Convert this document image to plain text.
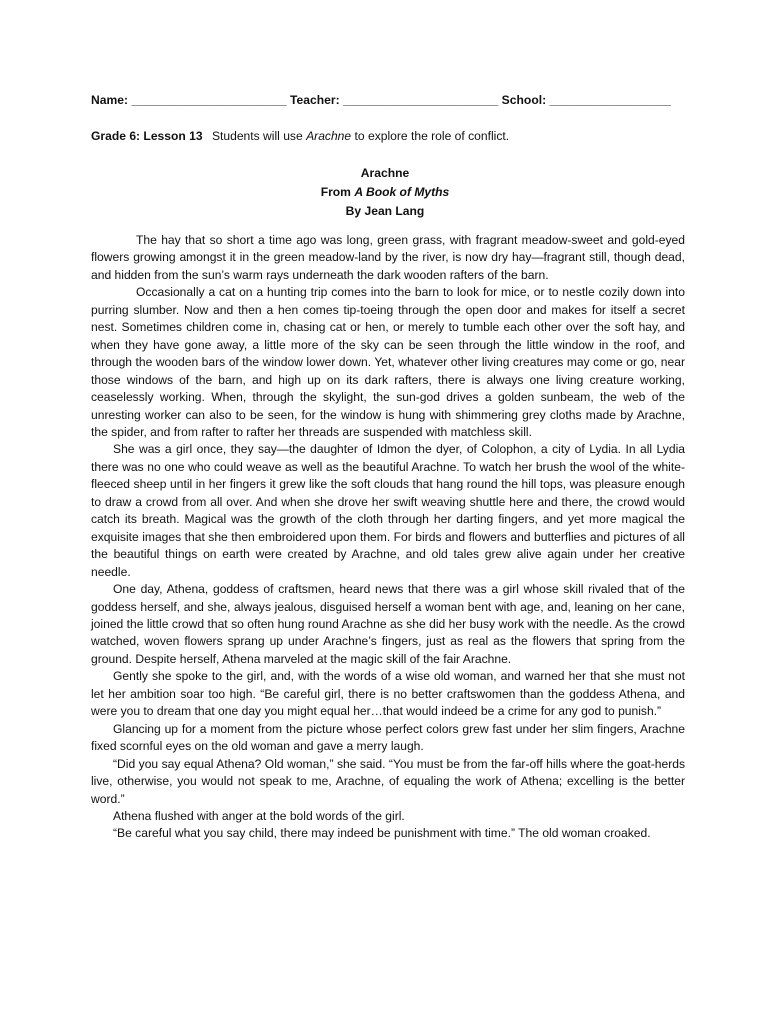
Name: _______________________ Teacher: _______________________ School: __________________
Grade 6: Lesson 13 Students will use Arachne to explore the role of conflict.
Arachne
From A Book of Myths
By Jean Lang

The hay that so short a time ago was long, green grass, with fragrant meadow-sweet and gold-eyed flowers growing amongst it in the green meadow-land by the river, is now dry hay—fragrant still, though dead, and hidden from the sun’s warm rays underneath the dark wooden rafters of the barn.

Occasionally a cat on a hunting trip comes into the barn to look for mice, or to nestle cozily down into purring slumber. Now and then a hen comes tip-toeing through the open door and makes for itself a secret nest. Sometimes children come in, chasing cat or hen, or merely to tumble each other over the soft hay, and when they have gone away, a little more of the sky can be seen through the little window in the roof, and through the wooden bars of the window lower down. Yet, whatever other living creatures may come or go, near those windows of the barn, and high up on its dark rafters, there is always one living creature working, ceaselessly working. When, through the skylight, the sun-god drives a golden sunbeam, the web of the unresting worker can also to be seen, for the window is hung with shimmering grey cloths made by Arachne, the spider, and from rafter to rafter her threads are suspended with matchless skill.

She was a girl once, they say—the daughter of Idmon the dyer, of Colophon, a city of Lydia. In all Lydia there was no one who could weave as well as the beautiful Arachne. To watch her brush the wool of the white-fleeced sheep until in her fingers it grew like the soft clouds that hang round the hill tops, was pleasure enough to draw a crowd from all over. And when she drove her swift weaving shuttle here and there, the crowd would catch its breath. Magical was the growth of the cloth through her darting fingers, and yet more magical the exquisite images that she then embroidered upon them. For birds and flowers and butterflies and pictures of all the beautiful things on earth were created by Arachne, and old tales grew alive again under her creative needle.

One day, Athena, goddess of craftsmen, heard news that there was a girl whose skill rivaled that of the goddess herself, and she, always jealous, disguised herself a woman bent with age, and, leaning on her cane, joined the little crowd that so often hung round Arachne as she did her busy work with the needle. As the crowd watched, woven flowers sprang up under Arachne’s fingers, just as real as the flowers that spring from the ground. Despite herself, Athena marveled at the magic skill of the fair Arachne.

Gently she spoke to the girl, and, with the words of a wise old woman, and warned her that she must not let her ambition soar too high. “Be careful girl, there is no better craftswomen than the goddess Athena, and were you to dream that one day you might equal her…that would indeed be a crime for any god to punish.”

Glancing up for a moment from the picture whose perfect colors grew fast under her slim fingers, Arachne fixed scornful eyes on the old woman and gave a merry laugh.

“Did you say equal Athena? Old woman,” she said. “You must be from the far-off hills where the goat-herds live, otherwise, you would not speak to me, Arachne, of equaling the work of Athena; excelling is the better word.”

Athena flushed with anger at the bold words of the girl.

“Be careful what you say child, there may indeed be punishment with time.” The old woman croaked.
